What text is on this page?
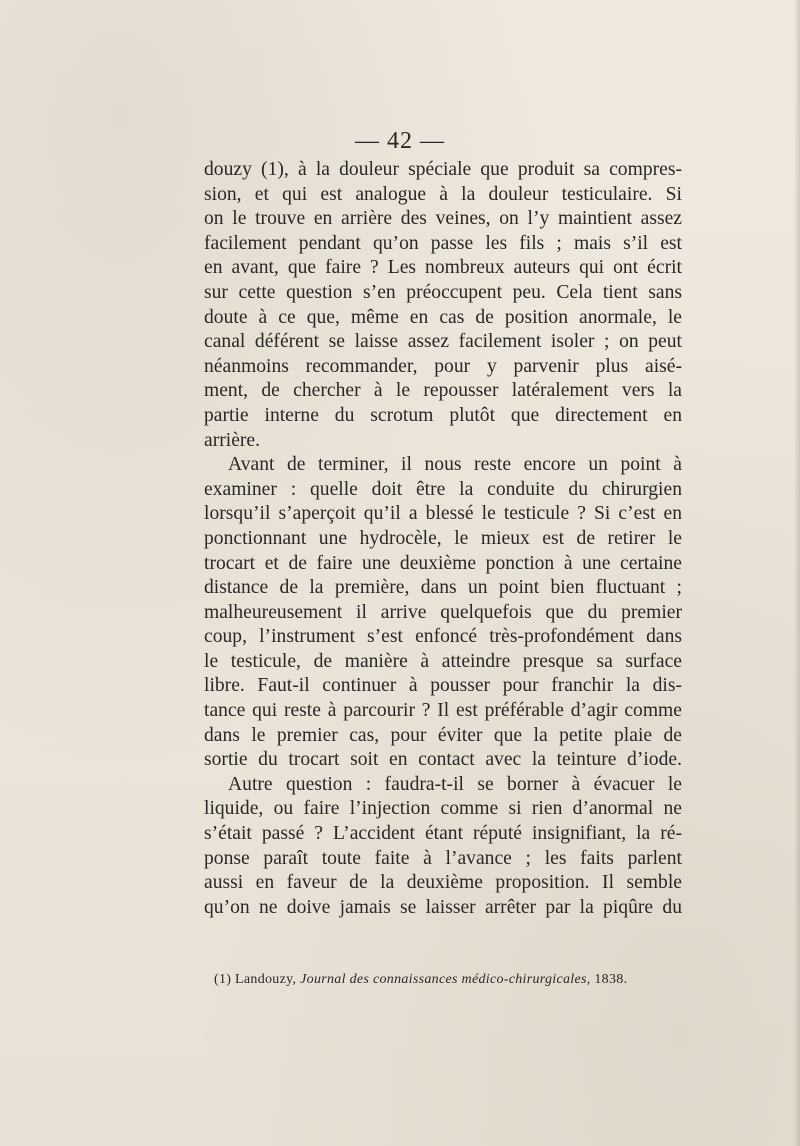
— 42 —
douzy (1), à la douleur spéciale que produit sa compres-
sion, et qui est analogue à la douleur testiculaire. Si
on le trouve en arrière des veines, on l’y maintient assez
facilement pendant qu’on passe les fils ; mais s’il est
en avant, que faire ? Les nombreux auteurs qui ont écrit
sur cette question s’en préoccupent peu. Cela tient sans
doute à ce que, même en cas de position anormale, le
canal déférent se laisse assez facilement isoler ; on peut
néanmoins recommander, pour y parvenir plus aisé-
ment, de chercher à le repousser latéralement vers la
partie interne du scrotum plutôt que directement en
arrière.
Avant de terminer, il nous reste encore un point à
examiner : quelle doit être la conduite du chirurgien
lorsqu’il s’aperçoit qu’il a blessé le testicule ? Si c’est en
ponctionnant une hydrocèle, le mieux est de retirer le
trocart et de faire une deuxième ponction à une certaine
distance de la première, dans un point bien fluctuant ;
malheureusement il arrive quelquefois que du premier
coup, l’instrument s’est enfoncé très-profondément dans
le testicule, de manière à atteindre presque sa surface
libre. Faut-il continuer à pousser pour franchir la dis-
tance qui reste à parcourir ? Il est préférable d’agir comme
dans le premier cas, pour éviter que la petite plaie de
sortie du trocart soit en contact avec la teinture d’iode.
Autre question : faudra-t-il se borner à évacuer le
liquide, ou faire l’injection comme si rien d’anormal ne
s’était passé ? L’accident étant réputé insignifiant, la ré-
ponse paraît toute faite à l’avance ; les faits parlent
aussi en faveur de la deuxième proposition. Il semble
qu’on ne doive jamais se laisser arrêter par la piqûre du
(1) Landouzy, Journal des connaissances médico-chirurgicales, 1838.
